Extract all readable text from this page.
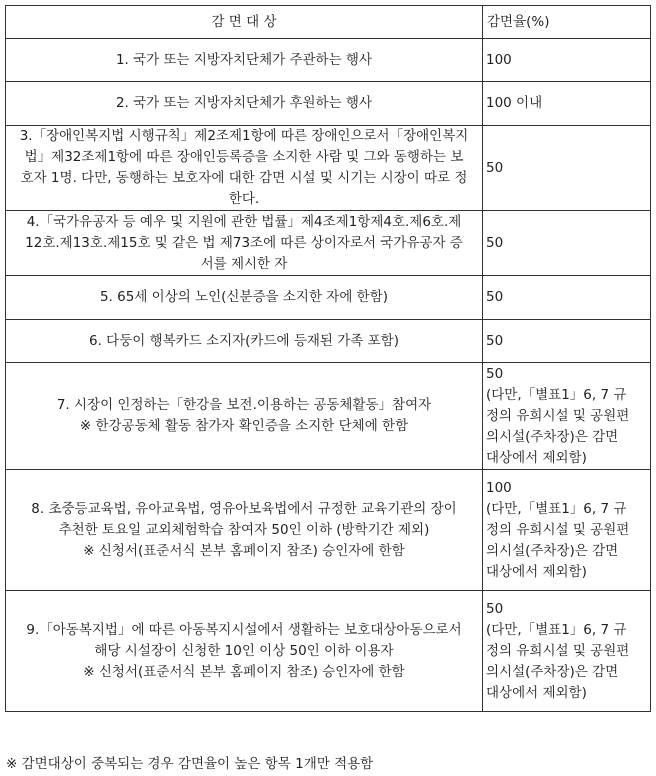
감 면 대 상	감면율(%)

1. 국가 또는 지방자치단체가 주관하는 행사	100

2. 국가 또는 지방자치단체가 후원하는 행사	100 이내

3.「장애인복지법 시행규칙」제2조제1항에 따른 장애인으로서「장애인복지
법」제32조제1항에 따른 장애인등록증을 소지한 사람 및 그와 동행하는 보
호자 1명. 다만, 동행하는 보호자에 대한 감면 시설 및 시기는 시장이 따로 정
한다.	50

4.「국가유공자 등 예우 및 지원에 관한 법률」제4조제1항제4호.제6호.제
12호.제13호.제15호 및 같은 법 제73조에 따른 상이자로서 국가유공자 증
서를 제시한 자	50

5. 65세 이상의 노인(신분증을 소지한 자에 한함)	50

6. 다둥이 행복카드 소지자(카드에 등재된 가족 포함)	50

7. 시장이 인정하는「한강을 보전.이용하는 공동체활동」참여자
※ 한강공동체 활동 참가자 확인증을 소지한 단체에 한함	50
(다만,「별표1」6, 7 규
정의 유희시설 및 공원편
의시설(주차장)은 감면
대상에서 제외함)

8. 초중등교육법, 유아교육법, 영유아보육법에서 규정한 교육기관의 장이
추천한 토요일 교외체험학습 참여자 50인 이하 (방학기간 제외)
※ 신청서(표준서식 본부 홈페이지 참조) 승인자에 한함	100
(다만,「별표1」6, 7 규
정의 유희시설 및 공원편
의시설(주차장)은 감면
대상에서 제외함)

9.「아동복지법」에 따른 아동복지시설에서 생활하는 보호대상아동으로서
해당 시설장이 신청한 10인 이상 50인 이하 이용자
※ 신청서(표준서식 본부 홈페이지 참조) 승인자에 한함	50
(다만,「별표1」6, 7 규
정의 유희시설 및 공원편
의시설(주차장)은 감면
대상에서 제외함)
※ 감면대상이 중복되는 경우 감면율이 높은 항목 1개만 적용함
